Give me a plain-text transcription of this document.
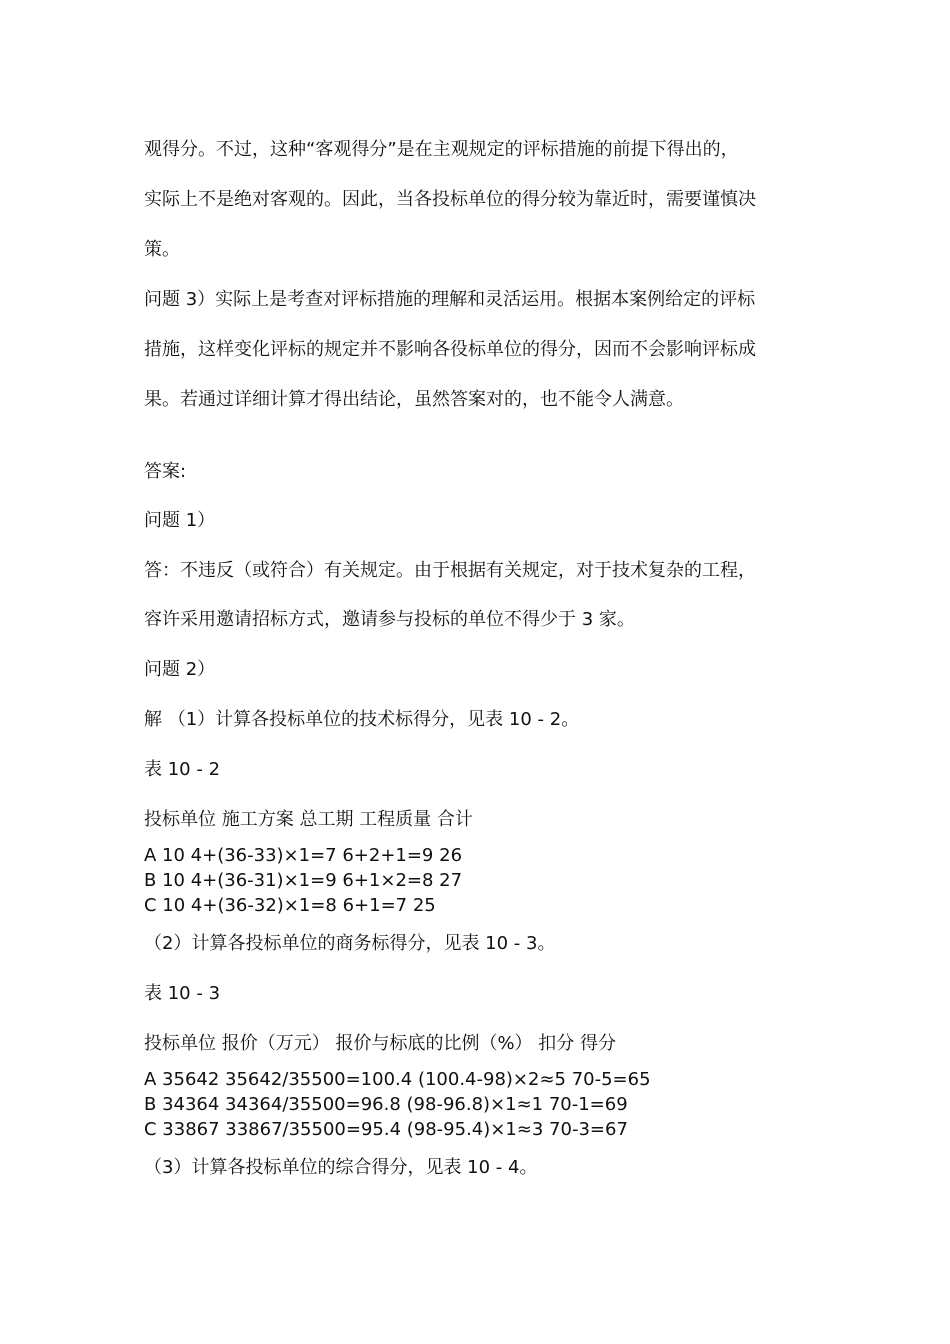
观得分。不过，这种“客观得分”是在主观规定的评标措施的前提下得出的，
实际上不是绝对客观的。因此，当各投标单位的得分较为靠近时，需要谨慎决
策。
问题 3）实际上是考查对评标措施的理解和灵活运用。根据本案例给定的评标
措施，这样变化评标的规定并不影响各役标单位的得分，因而不会影响评标成
果。若通过详细计算才得出结论，虽然答案对的，也不能令人满意。
答案:
问题 1）
答：不违反（或符合）有关规定。由于根据有关规定，对于技术复杂的工程，
容许采用邀请招标方式，邀请参与投标的单位不得少于 3 家。
问题 2）
解 （1）计算各投标单位的技术标得分，见表 10 - 2。
表 10 - 2
投标单位 施工方案 总工期 工程质量 合计
A 10 4+(36-33)×1=7 6+2+1=9 26
B 10 4+(36-31)×1=9 6+1×2=8 27
C 10 4+(36-32)×1=8 6+1=7 25
（2）计算各投标单位的商务标得分，见表 10 - 3。
表 10 - 3
投标单位 报价（万元） 报价与标底的比例（%） 扣分 得分
A 35642 35642/35500=100.4 (100.4-98)×2≈5 70-5=65
B 34364 34364/35500=96.8 (98-96.8)×1≈1 70-1=69
C 33867 33867/35500=95.4 (98-95.4)×1≈3 70-3=67
（3）计算各投标单位的综合得分，见表 10 - 4。
